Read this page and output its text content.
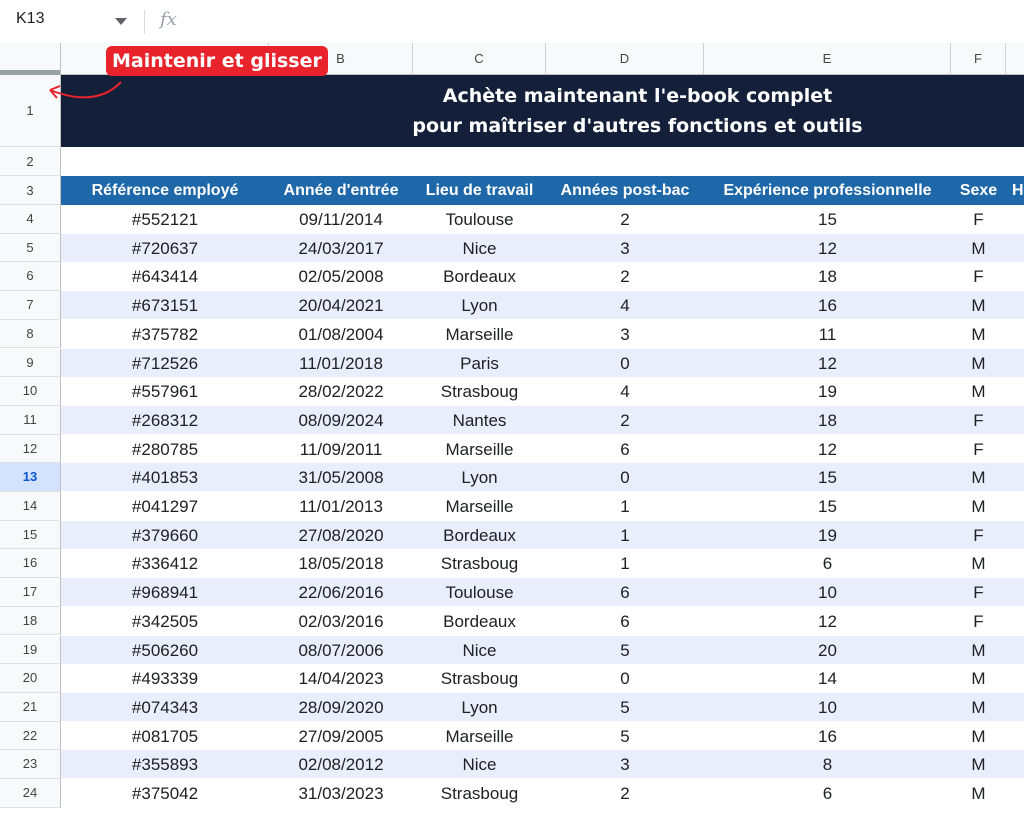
K13	fx
B	C	D	E	F
1
2
3
4
5
6
7
8
9
10
11
12
13
14
15
16
17
18
19
20
21
22
23
24
Achète maintenant l'e-book complet
pour maîtriser d'autres fonctions et outils
Référence employé	Année d'entrée	Lieu de travail	Années post-bac	Expérience professionnelle	Sexe H
#552121	09/11/2014	Toulouse	2	15	F
#720637	24/03/2017	Nice	3	12	M
#643414	02/05/2008	Bordeaux	2	18	F
#673151	20/04/2021	Lyon	4	16	M
#375782	01/08/2004	Marseille	3	11	M
#712526	11/01/2018	Paris	0	12	M
#557961	28/02/2022	Strasboug	4	19	M
#268312	08/09/2024	Nantes	2	18	F
#280785	11/09/2011	Marseille	6	12	F
#401853	31/05/2008	Lyon	0	15	M
#041297	11/01/2013	Marseille	1	15	M
#379660	27/08/2020	Bordeaux	1	19	F
#336412	18/05/2018	Strasboug	1	6	M
#968941	22/06/2016	Toulouse	6	10	F
#342505	02/03/2016	Bordeaux	6	12	F
#506260	08/07/2006	Nice	5	20	M
#493339	14/04/2023	Strasboug	0	14	M
#074343	28/09/2020	Lyon	5	10	M
#081705	27/09/2005	Marseille	5	16	M
#355893	02/08/2012	Nice	3	8	M
#375042	31/03/2023	Strasboug	2	6	M
Maintenir et glisser
